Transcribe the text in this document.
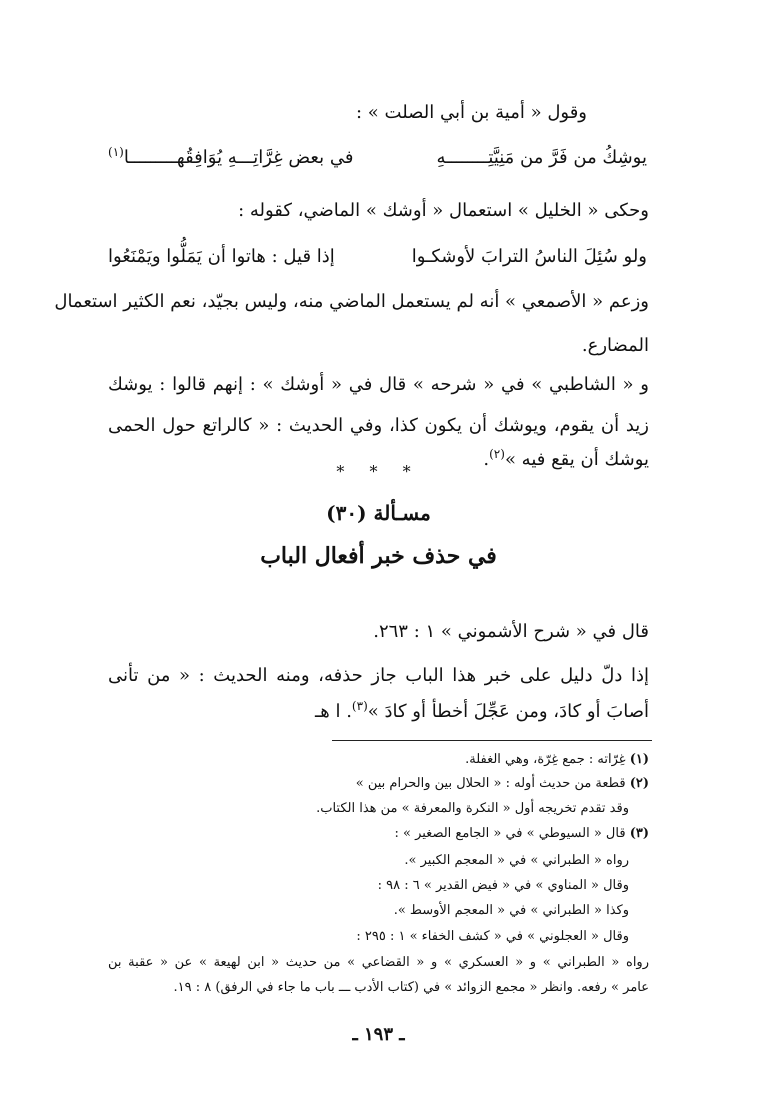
وقول « أمية بن أبي الصلت » :
يوشِكُ من فَرَّ من مَنِيَّتِــــــــهِ
في بعض غِرَّاتِـــهِ يُوَافِقُهـــــــــا$^{(١)}$
وحكى « الخليل » استعمال « أوشك » الماضي، كقوله :
ولو سُئِلَ الناسُ الترابَ لأوشكـوا
إذا قيل : هاتوا أن يَمَلُّوا ويَمْنَعُوا
وزعم « الأصمعي » أنه لم يستعمل الماضي منه، وليس بجيّد، نعم الكثير استعمال
المضارع.
و « الشاطبي » في « شرحه » قال في « أوشك » : إنهم قالوا : يوشك
زيد أن يقوم، ويوشك أن يكون كذا، وفي الحديث : « كالراتع حول الحمى
يوشك أن يقع فيه »$^{(٢)}$.
* * *
مسـألة (٣٠)
في حذف خبر أفعال الباب
قال في « شرح الأشموني » ١ : ٢٦٣.
إذا دلّ دليل على خبر هذا الباب جاز حذفه، ومنه الحديث : « من تأنى
أصابَ أو كادَ، ومن عَجِّلَ أخطأ أو كادَ »$^{(٣)}$. ا هـ
(١) غِرّاته : جمع غِرّة، وهي الغفلة.
(٢) قطعة من حديث أوله : « الحلال بين والحرام بين »
وقد تقدم تخريجه أول « النكرة والمعرفة » من هذا الكتاب.
(٣) قال « السيوطي » في « الجامع الصغير » :
رواه « الطبراني » في « المعجم الكبير ».
وقال « المناوي » في « فيض القدير » ٦ : ٩٨ :
وكذا « الطبراني » في « المعجم الأوسط ».
وقال « العجلوني » في « كشف الخفاء » ١ : ٢٩٥ :
رواه « الطبراني » و « العسكري » و « القضاعي » من حديث « ابن لهيعة » عن « عقبة بن
عامر » رفعه. وانظر « مجمع الزوائد » في (كتاب الأدب ـــ باب ما جاء في الرفق) ٨ : ١٩.
ـ ١٩٣ ـ
